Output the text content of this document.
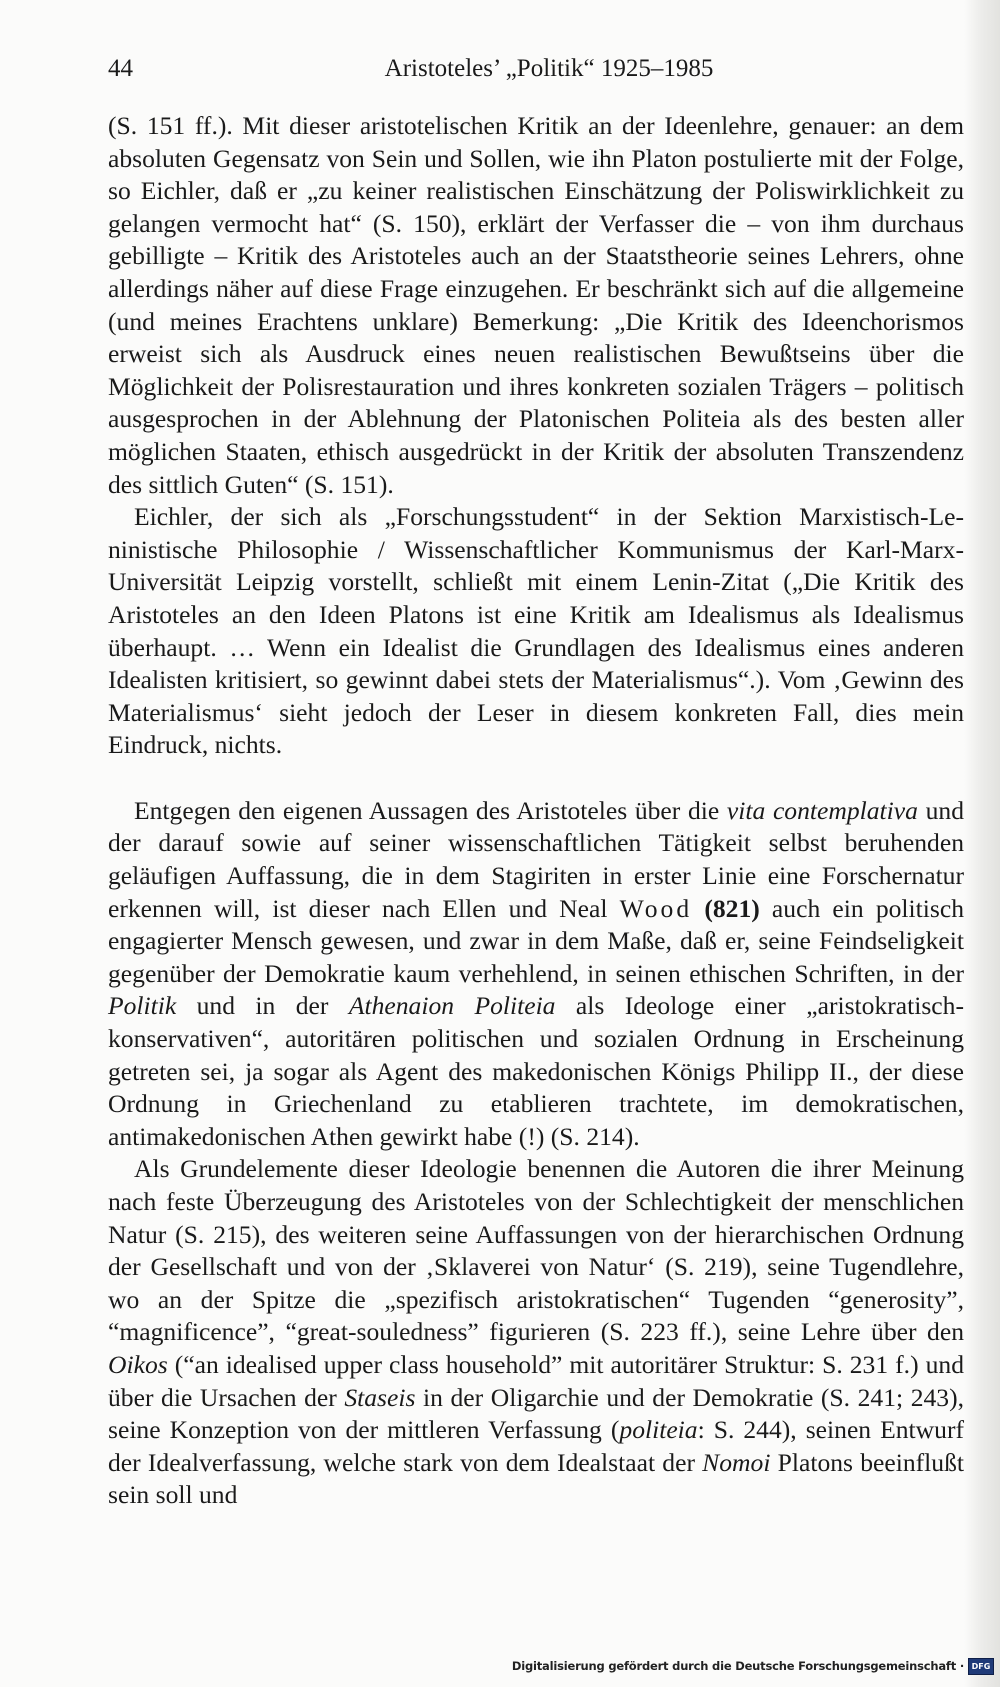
44	Aristoteles’ „Politik“ 1925–1985

(S. 151 ff.). Mit dieser aristotelischen Kritik an der Ideenlehre, genauer: an dem absoluten Gegensatz von Sein und Sollen, wie ihn Platon postulierte mit der Folge, so Eichler, daß er „zu keiner realistischen Einschätzung der Poliswirklichkeit zu gelangen vermocht hat“ (S. 150), erklärt der Verfasser die – von ihm durchaus gebilligte – Kritik des Aristoteles auch an der Staatstheorie seines Lehrers, ohne allerdings näher auf diese Frage einzugehen. Er beschränkt sich auf die allgemeine (und meines Erachtens unklare) Bemerkung: „Die Kritik des Ideenchorismos erweist sich als Ausdruck eines neuen realistischen Bewußtseins über die Möglichkeit der Polisrestauration und ihres konkreten sozialen Trägers – politisch ausgesprochen in der Ablehnung der Platonischen Politeia als des besten aller möglichen Staaten, ethisch ausgedrückt in der Kritik der absoluten Transzendenz des sittlich Guten“ (S. 151).

Eichler, der sich als „Forschungsstudent“ in der Sektion Marxistisch-Leninistische Philosophie / Wissenschaftlicher Kommunismus der Karl-Marx-Universität Leipzig vorstellt, schließt mit einem Lenin-Zitat („Die Kritik des Aristoteles an den Ideen Platons ist eine Kritik am Idealismus als Idealismus überhaupt. … Wenn ein Idealist die Grundlagen des Idealismus eines anderen Idealisten kritisiert, so gewinnt dabei stets der Materialismus“.). Vom ‚Gewinn des Materialismus‘ sieht jedoch der Leser in diesem konkreten Fall, dies mein Eindruck, nichts.

Entgegen den eigenen Aussagen des Aristoteles über die vita contemplativa und der darauf sowie auf seiner wissenschaftlichen Tätigkeit selbst beruhenden geläufigen Auffassung, die in dem Stagiriten in erster Linie eine Forschernatur erkennen will, ist dieser nach Ellen und Neal Wood (821) auch ein politisch engagierter Mensch gewesen, und zwar in dem Maße, daß er, seine Feindseligkeit gegenüber der Demokratie kaum verhehlend, in seinen ethischen Schriften, in der Politik und in der Athenaion Politeia als Ideologe einer „aristokratisch-konservativen“, autoritären politischen und sozialen Ordnung in Erscheinung getreten sei, ja sogar als Agent des makedonischen Königs Philipp II., der diese Ordnung in Griechenland zu etablieren trachtete, im demokratischen, antimakedonischen Athen gewirkt habe (!) (S. 214).

Als Grundelemente dieser Ideologie benennen die Autoren die ihrer Meinung nach feste Überzeugung des Aristoteles von der Schlechtigkeit der menschlichen Natur (S. 215), des weiteren seine Auffassungen von der hierarchischen Ordnung der Gesellschaft und von der ‚Sklaverei von Natur‘ (S. 219), seine Tugendlehre, wo an der Spitze die „spezifisch aristokratischen“ Tugenden “generosity”, “magnificence”, “great-souledness” figurieren (S. 223 ff.), seine Lehre über den Oikos (“an idealised upper class household” mit autoritärer Struktur: S. 231 f.) und über die Ursachen der Staseis in der Oligarchie und der Demokratie (S. 241; 243), seine Konzeption von der mittleren Verfassung (politeia: S. 244), seinen Entwurf der Idealverfassung, welche stark von dem Idealstaat der Nomoi Platons beeinflußt sein soll und

Digitalisierung gefördert durch die Deutsche Forschungsgemeinschaft · DFG
